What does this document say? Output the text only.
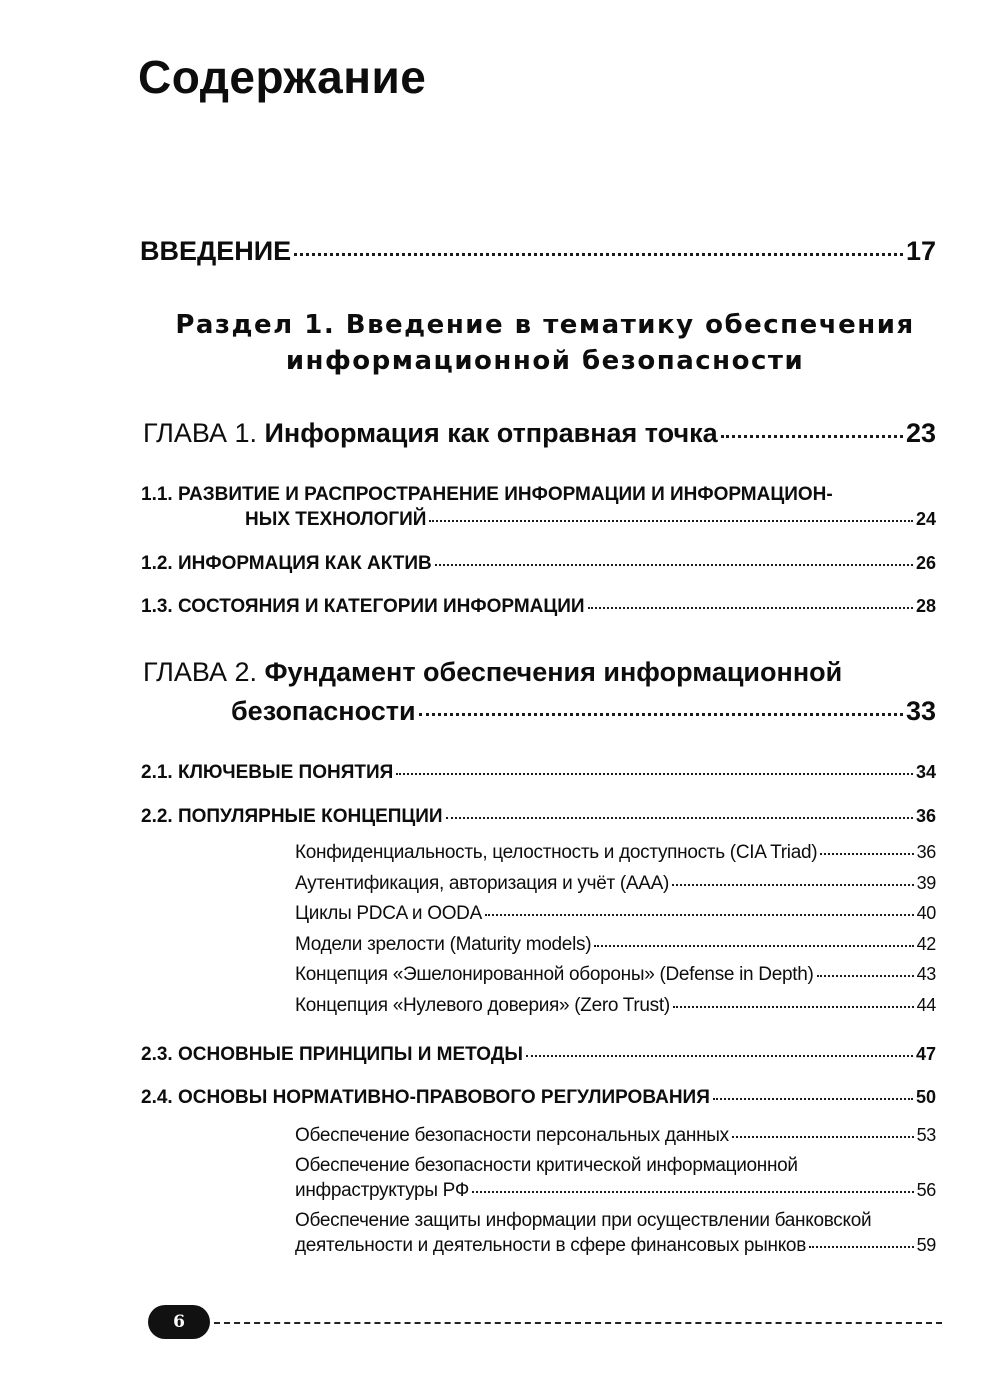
Содержание
ВВЕДЕНИЕ	17
Раздел 1. Введение в тематику обеспечения
информационной безопасности
ГЛАВА 1. Информация как отправная точка	23
1.1. РАЗВИТИЕ И РАСПРОСТРАНЕНИЕ ИНФОРМАЦИИ И ИНФОРМАЦИОН-
НЫХ ТЕХНОЛОГИЙ	24
1.2. ИНФОРМАЦИЯ КАК АКТИВ	26
1.3. СОСТОЯНИЯ И КАТЕГОРИИ ИНФОРМАЦИИ	28
ГЛАВА 2. Фундамент обеспечения информационной
безопасности	33
2.1. КЛЮЧЕВЫЕ ПОНЯТИЯ	34
2.2. ПОПУЛЯРНЫЕ КОНЦЕПЦИИ	36
Конфиденциальность, целостность и доступность (CIA Triad)	36
Аутентификация, авторизация и учёт (AAA)	39
Циклы PDCA и OODA	40
Модели зрелости (Maturity models)	42
Концепция «Эшелонированной обороны» (Defense in Depth)	43
Концепция «Нулевого доверия» (Zero Trust)	44
2.3. ОСНОВНЫЕ ПРИНЦИПЫ И МЕТОДЫ	47
2.4. ОСНОВЫ НОРМАТИВНО-ПРАВОВОГО РЕГУЛИРОВАНИЯ	50
Обеспечение безопасности персональных данных	53
Обеспечение безопасности критической информационной
инфраструктуры РФ	56
Обеспечение защиты информации при осуществлении банковской
деятельности и деятельности в сфере финансовых рынков	59
6
